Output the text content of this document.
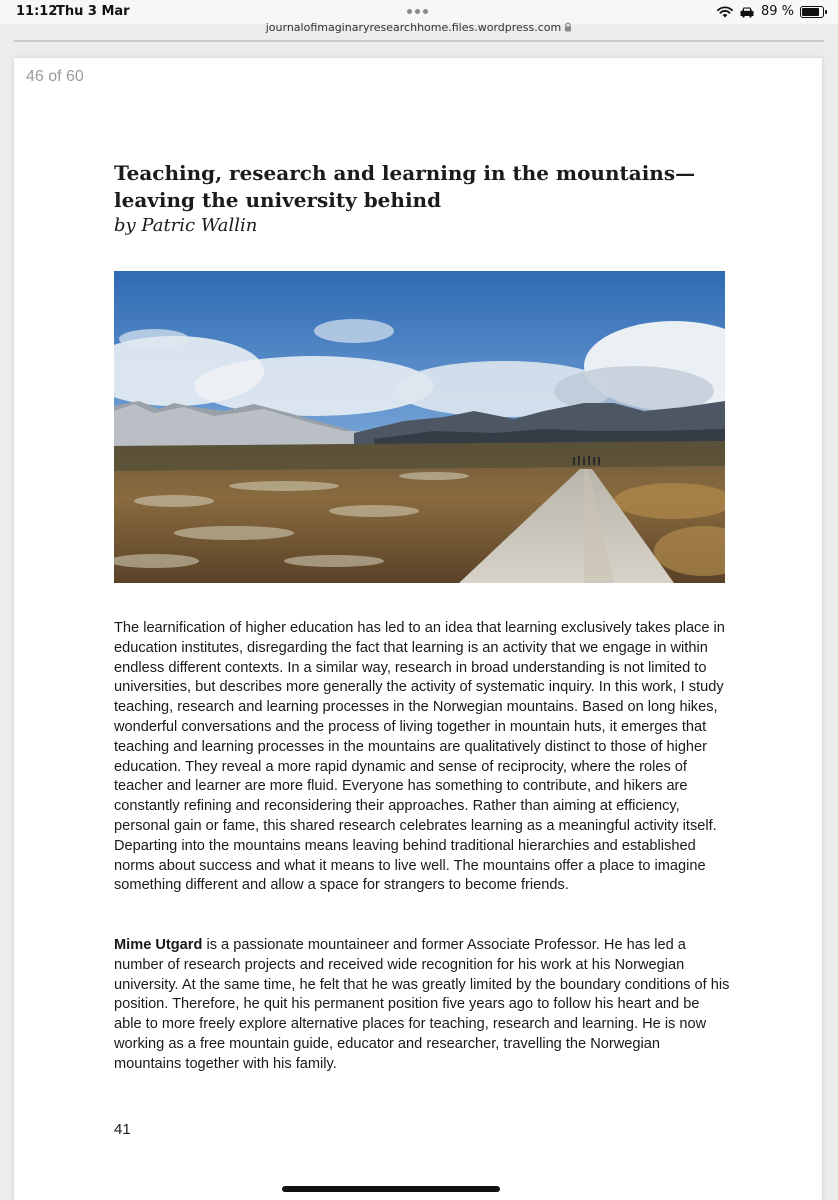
11:12
Thu 3 Mar	89 %
journalofimaginaryresearchhome.files.wordpress.com
46 of 60
Teaching, research and learning in the mountains—leaving the university behind
by Patric Wallin

The learnification of higher education has led to an idea that learning exclusively takes place in education institutes, disregarding the fact that learning is an activity that we engage in within endless different contexts. In a similar way, research in broad understanding is not limited to universities, but describes more generally the activity of systematic inquiry. In this work, I study teaching, research and learning processes in the Norwegian mountains. Based on long hikes, wonderful conversations and the process of living together in mountain huts, it emerges that teaching and learning processes in the mountains are qualitatively distinct to those of higher education. They reveal a more rapid dynamic and sense of reciprocity, where the roles of teacher and learner are more fluid. Everyone has something to contribute, and hikers are constantly refining and reconsidering their approaches. Rather than aiming at efficiency, personal gain or fame, this shared research celebrates learning as a meaningful activity itself. Departing into the mountains means leaving behind traditional hierarchies and established norms about success and what it means to live well. The mountains offer a place to imagine something different and allow a space for strangers to become friends.

Mime Utgard is a passionate mountaineer and former Associate Professor. He has led a number of research projects and received wide recognition for his work at his Norwegian university. At the same time, he felt that he was greatly limited by the boundary conditions of his position. Therefore, he quit his permanent position five years ago to follow his heart and be able to more freely explore alternative places for teaching, research and learning. He is now working as a free mountain guide, educator and researcher, travelling the Norwegian mountains together with his family.

41
